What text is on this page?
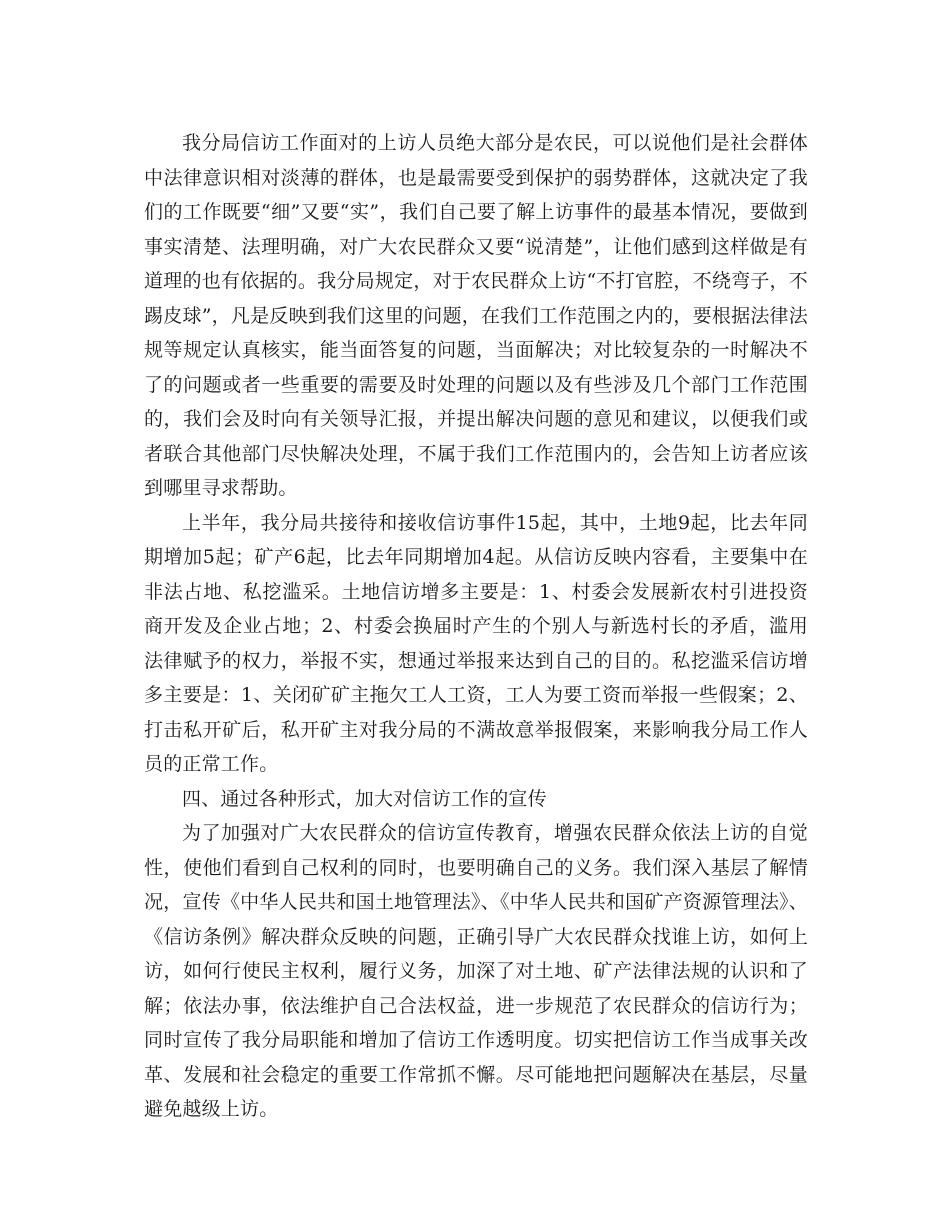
我分局信访工作面对的上访人员绝大部分是农民，可以说他们是社会群体中法律意识相对淡薄的群体，也是最需要受到保护的弱势群体，这就决定了我们的工作既要“细”又要“实”，我们自己要了解上访事件的最基本情况，要做到事实清楚、法理明确，对广大农民群众又要“说清楚”，让他们感到这样做是有道理的也有依据的。我分局规定，对于农民群众上访“不打官腔，不绕弯子，不踢皮球”，凡是反映到我们这里的问题，在我们工作范围之内的，要根据法律法规等规定认真核实，能当面答复的问题，当面解决；对比较复杂的一时解决不了的问题或者一些重要的需要及时处理的问题以及有些涉及几个部门工作范围的，我们会及时向有关领导汇报，并提出解决问题的意见和建议，以便我们或者联合其他部门尽快解决处理，不属于我们工作范围内的，会告知上访者应该到哪里寻求帮助。

上半年，我分局共接待和接收信访事件15起，其中，土地9起，比去年同期增加5起；矿产6起，比去年同期增加4起。从信访反映内容看，主要集中在非法占地、私挖滥采。土地信访增多主要是：1、村委会发展新农村引进投资商开发及企业占地；2、村委会换届时产生的个别人与新选村长的矛盾，滥用法律赋予的权力，举报不实，想通过举报来达到自己的目的。私挖滥采信访增多主要是：1、关闭矿矿主拖欠工人工资，工人为要工资而举报一些假案；2、打击私开矿后，私开矿主对我分局的不满故意举报假案，来影响我分局工作人员的正常工作。

四、通过各种形式，加大对信访工作的宣传

为了加强对广大农民群众的信访宣传教育，增强农民群众依法上访的自觉性，使他们看到自己权利的同时，也要明确自己的义务。我们深入基层了解情况，宣传《中华人民共和国土地管理法》、《中华人民共和国矿产资源管理法》、《信访条例》解决群众反映的问题，正确引导广大农民群众找谁上访，如何上访，如何行使民主权利，履行义务，加深了对土地、矿产法律法规的认识和了解；依法办事，依法维护自己合法权益，进一步规范了农民群众的信访行为；同时宣传了我分局职能和增加了信访工作透明度。切实把信访工作当成事关改革、发展和社会稳定的重要工作常抓不懈。尽可能地把问题解决在基层，尽量避免越级上访。
